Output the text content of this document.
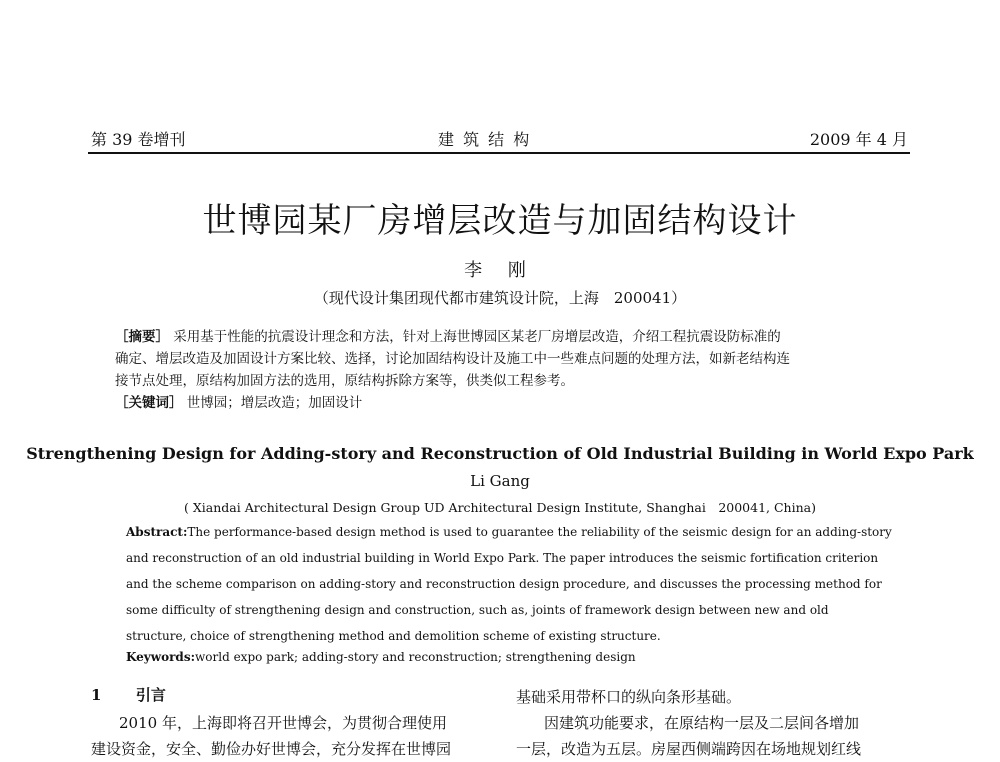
第 39 卷增刊	建 筑 结 构	2009 年 4 月
世博园某厂房增层改造与加固结构设计
李 刚
（现代设计集团现代都市建筑设计院，上海　200041）
［摘要］ 采用基于性能的抗震设计理念和方法，针对上海世博园区某老厂房增层改造，介绍工程抗震设防标准的
确定、增层改造及加固设计方案比较、选择，讨论加固结构设计及施工中一些难点问题的处理方法，如新老结构连
接节点处理，原结构加固方法的选用，原结构拆除方案等，供类似工程参考。
［关键词］ 世博园；增层改造；加固设计
Strengthening Design for Adding-story and Reconstruction of Old Industrial Building in World Expo Park
Li Gang
( Xiandai Architectural Design Group UD Architectural Design Institute, Shanghai　200041, China)
Abstract:The performance-based design method is used to guarantee the reliability of the seismic design for an adding-story
and reconstruction of an old industrial building in World Expo Park. The paper introduces the seismic fortification criterion
and the scheme comparison on adding-story and reconstruction design procedure, and discusses the processing method for
some difficulty of strengthening design and construction, such as, joints of framework design between new and old
structure, choice of strengthening method and demolition scheme of existing structure.
Keywords:world expo park; adding-story and reconstruction; strengthening design
1 引言
2010 年，上海即将召开世博会，为贯彻合理使用
建设资金，安全、勤俭办好世博会，充分发挥在世博园
基础采用带杯口的纵向条形基础。
因建筑功能要求，在原结构一层及二层间各增加
一层，改造为五层。房屋西侧端跨因在场地规划红线
